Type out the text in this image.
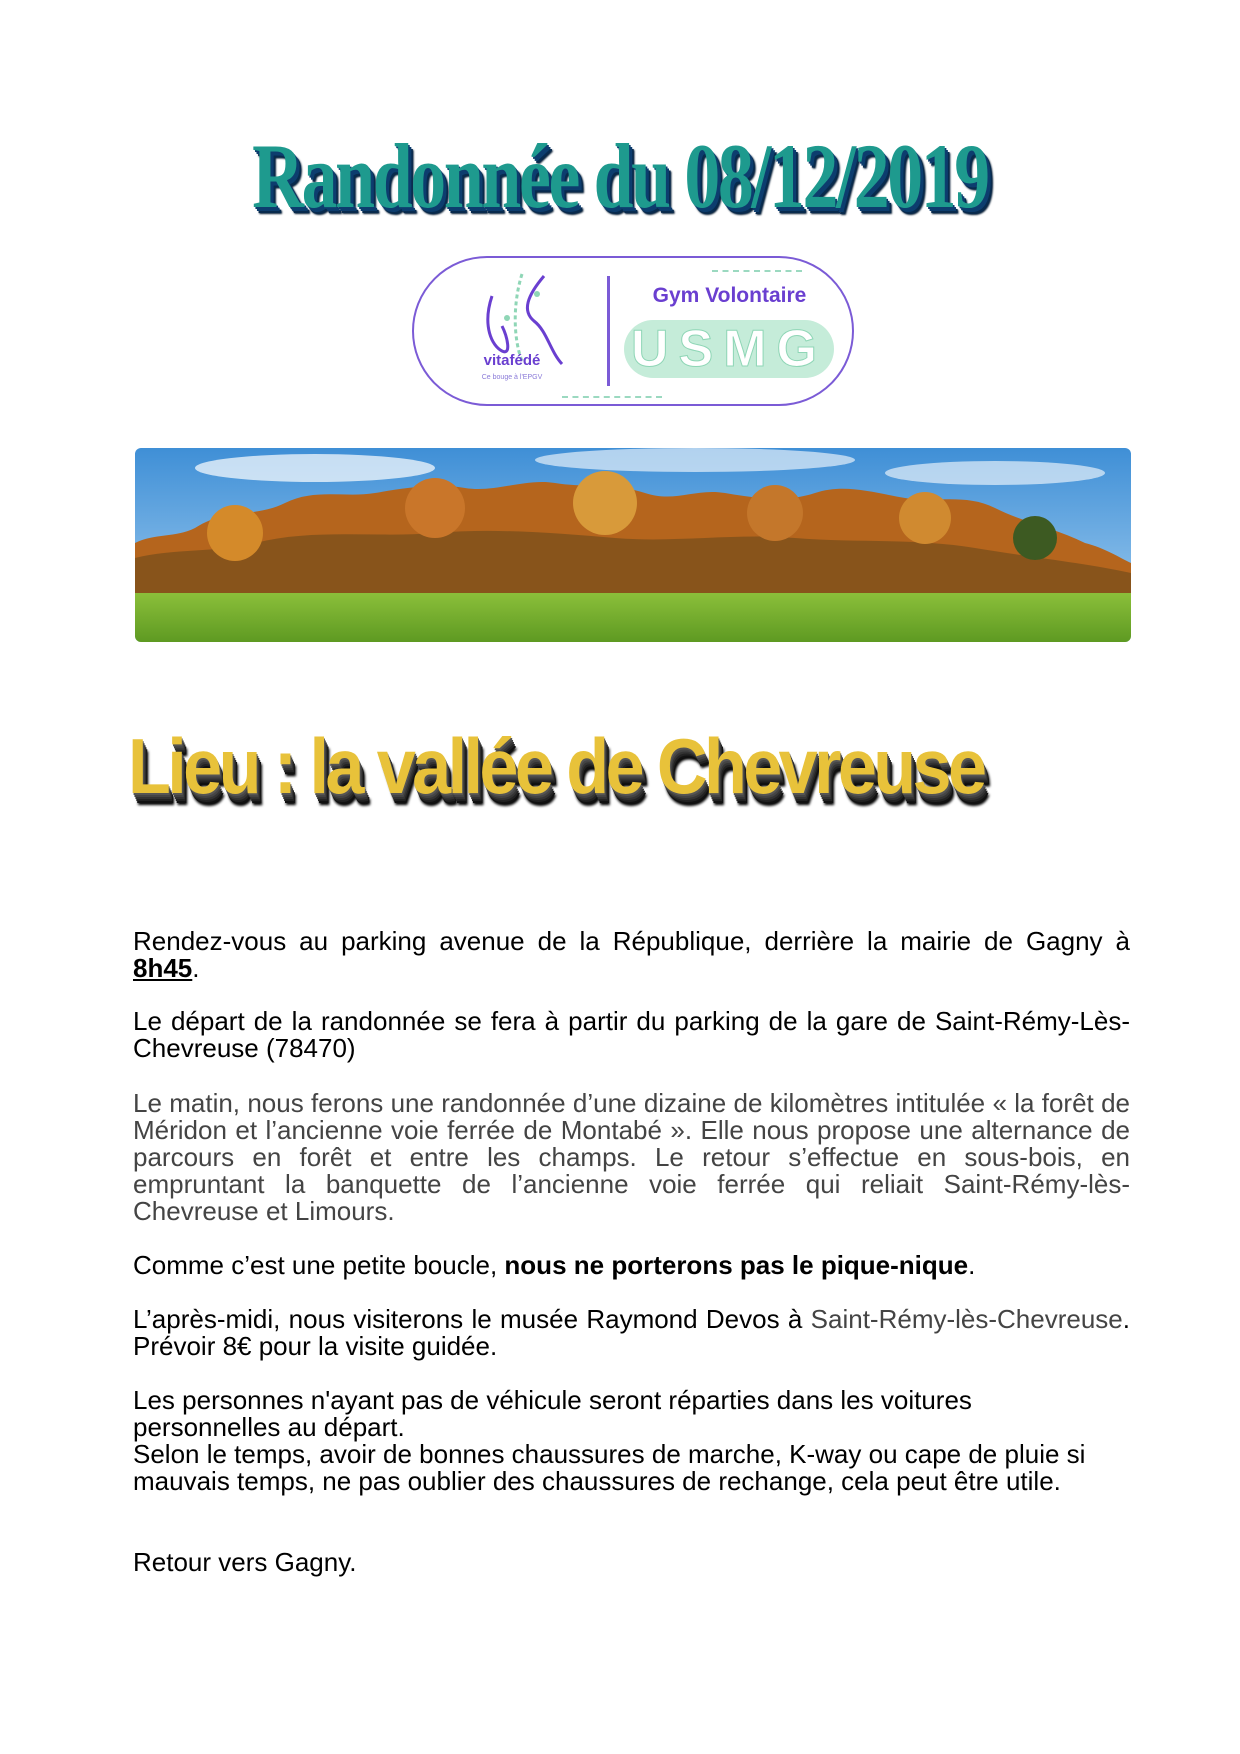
Randonnée du 08/12/2019
vitafédé
Ce bouge à l'EPGV
Gym Volontaire
USMG
Lieu : la vallée de Chevreuse
Rendez-vous au parking avenue de la République, derrière la mairie de Gagny à 8h45.
Le départ de la randonnée se fera à partir du parking de la gare de Saint-Rémy-Lès-Chevreuse (78470)
Le matin, nous ferons une randonnée d’une dizaine de kilomètres intitulée « la forêt de Méridon et l’ancienne voie ferrée de Montabé ». Elle nous propose une alternance de parcours en forêt et entre les champs. Le retour s’effectue en sous-bois, en empruntant la banquette de l’ancienne voie ferrée qui reliait Saint-Rémy-lès-Chevreuse et Limours.
Comme c’est une petite boucle, nous ne porterons pas le pique-nique.
L’après-midi, nous visiterons le musée Raymond Devos à Saint-Rémy-lès-Chevreuse. Prévoir 8€ pour la visite guidée.
Les personnes n'ayant pas de véhicule seront réparties dans les voitures personnelles au départ.
Selon le temps, avoir de bonnes chaussures de marche, K-way ou cape de pluie si mauvais temps, ne pas oublier des chaussures de rechange, cela peut être utile.
Retour vers Gagny.
